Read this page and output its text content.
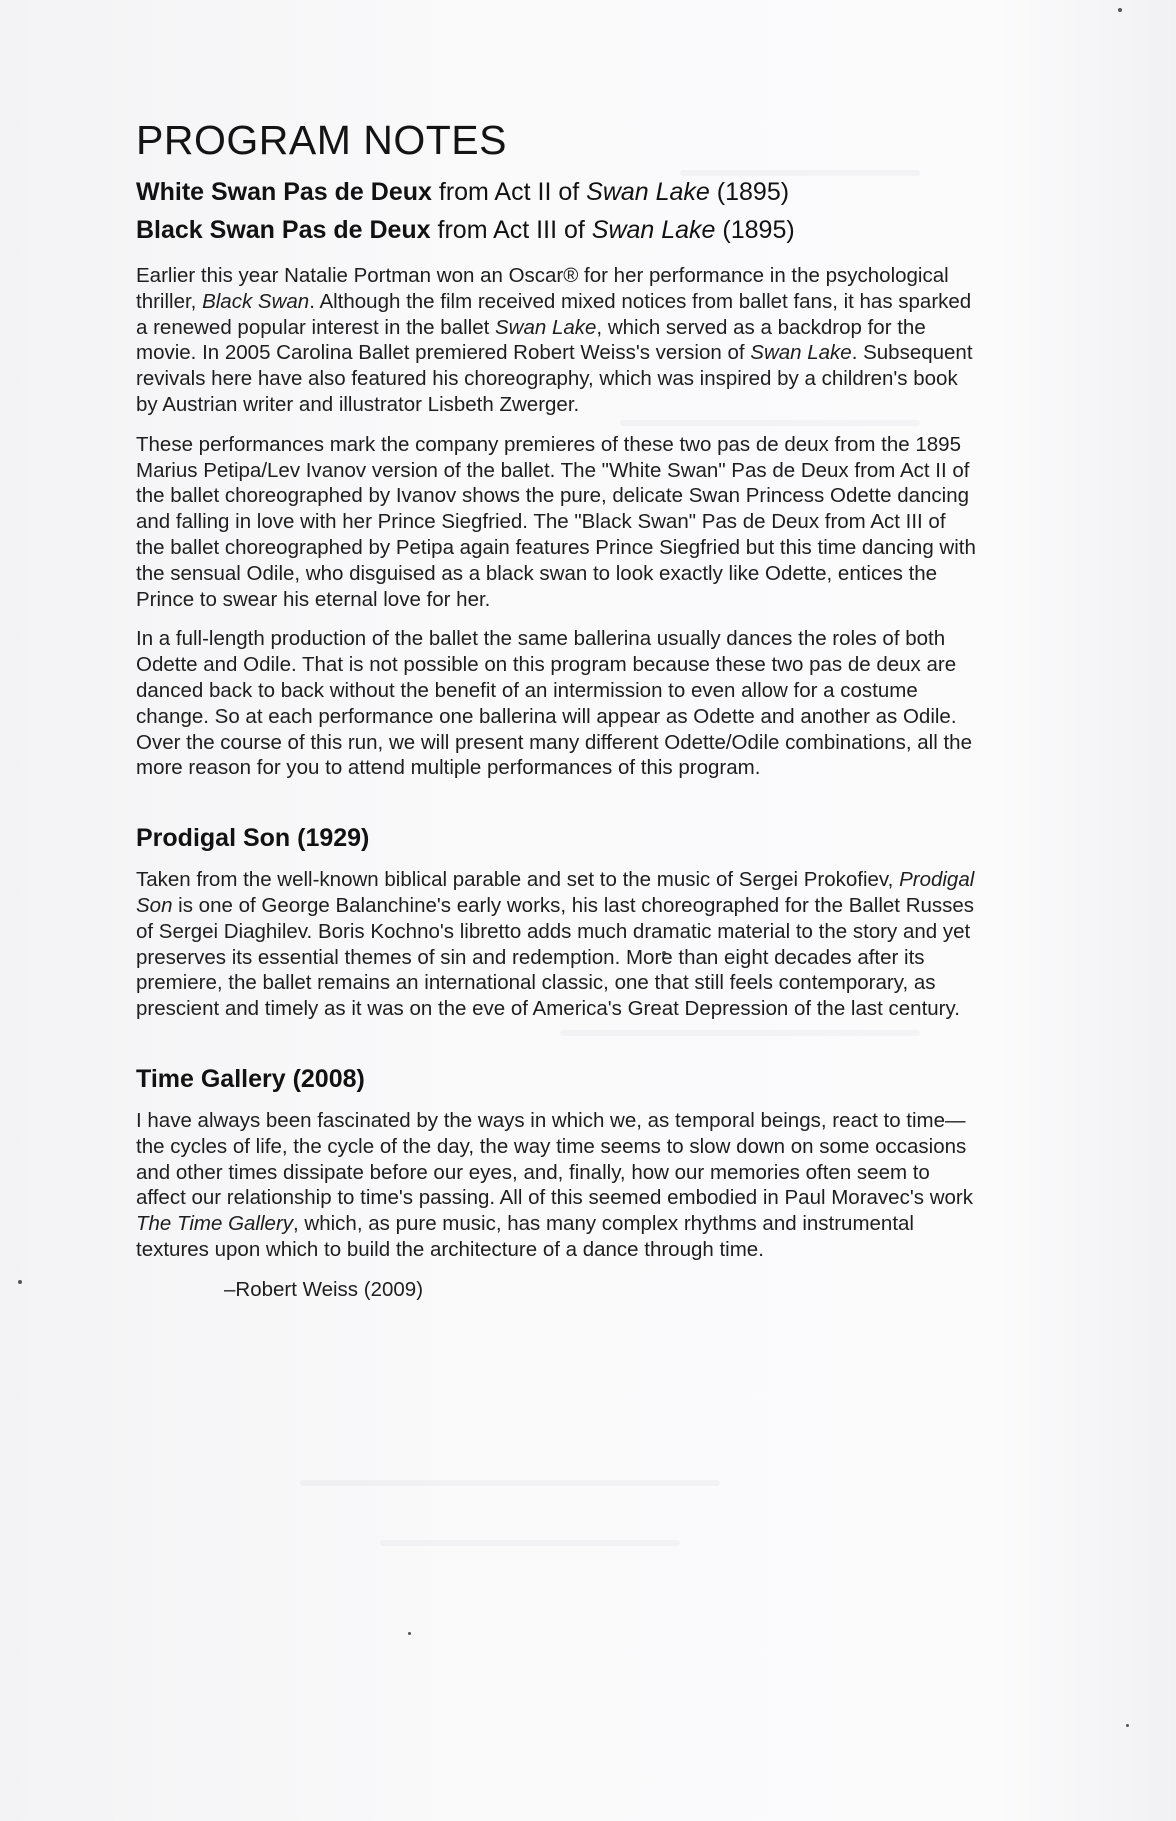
PROGRAM NOTES
White Swan Pas de Deux from Act II of Swan Lake (1895)
Black Swan Pas de Deux from Act III of Swan Lake (1895)

Earlier this year Natalie Portman won an Oscar® for her performance in the psychological thriller, Black Swan. Although the film received mixed notices from ballet fans, it has sparked a renewed popular interest in the ballet Swan Lake, which served as a backdrop for the movie. In 2005 Carolina Ballet premiered Robert Weiss's version of Swan Lake. Subsequent revivals here have also featured his choreography, which was inspired by a children's book by Austrian writer and illustrator Lisbeth Zwerger.

These performances mark the company premieres of these two pas de deux from the 1895 Marius Petipa/Lev Ivanov version of the ballet. The "White Swan" Pas de Deux from Act II of the ballet choreographed by Ivanov shows the pure, delicate Swan Princess Odette dancing and falling in love with her Prince Siegfried. The "Black Swan" Pas de Deux from Act III of the ballet choreographed by Petipa again features Prince Siegfried but this time dancing with the sensual Odile, who disguised as a black swan to look exactly like Odette, entices the Prince to swear his eternal love for her.

In a full-length production of the ballet the same ballerina usually dances the roles of both Odette and Odile. That is not possible on this program because these two pas de deux are danced back to back without the benefit of an intermission to even allow for a costume change. So at each performance one ballerina will appear as Odette and another as Odile. Over the course of this run, we will present many different Odette/Odile combinations, all the more reason for you to attend multiple performances of this program.

Prodigal Son (1929)

Taken from the well-known biblical parable and set to the music of Sergei Prokofiev, Prodigal Son is one of George Balanchine's early works, his last choreographed for the Ballet Russes of Sergei Diaghilev. Boris Kochno's libretto adds much dramatic material to the story and yet preserves its essential themes of sin and redemption. More than eight decades after its premiere, the ballet remains an international classic, one that still feels contemporary, as prescient and timely as it was on the eve of America's Great Depression of the last century.

Time Gallery (2008)

I have always been fascinated by the ways in which we, as temporal beings, react to time—the cycles of life, the cycle of the day, the way time seems to slow down on some occasions and other times dissipate before our eyes, and, finally, how our memories often seem to affect our relationship to time's passing. All of this seemed embodied in Paul Moravec's work The Time Gallery, which, as pure music, has many complex rhythms and instrumental textures upon which to build the architecture of a dance through time.

–Robert Weiss (2009)
